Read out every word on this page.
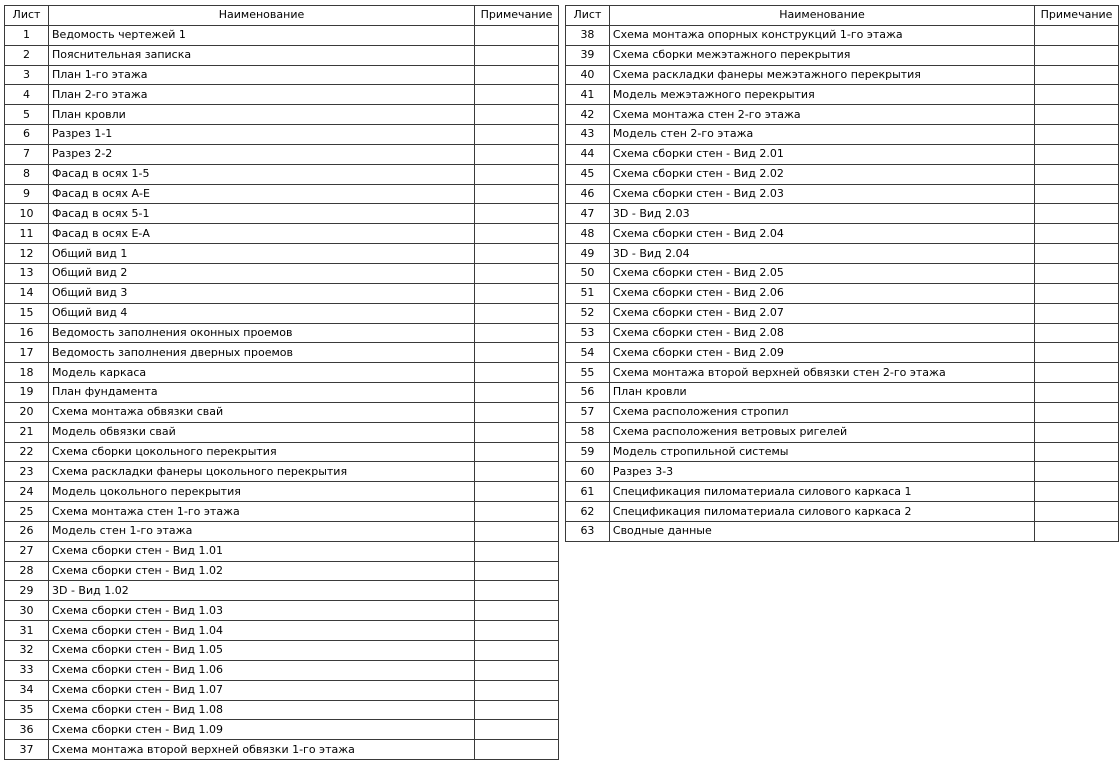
Лист	Наименование	Примечание
1	Ведомость чертежей 1	
2	Пояснительная записка	
3	План 1-го этажа	
4	План 2-го этажа	
5	План кровли	
6	Разрез 1-1	
7	Разрез 2-2	
8	Фасад в осях 1-5	
9	Фасад в осях А-Е	
10	Фасад в осях 5-1	
11	Фасад в осях Е-А	
12	Общий вид 1	
13	Общий вид 2	
14	Общий вид 3	
15	Общий вид 4	
16	Ведомость заполнения оконных проемов	
17	Ведомость заполнения дверных проемов	
18	Модель каркаса	
19	План фундамента	
20	Схема монтажа обвязки свай	
21	Модель обвязки свай	
22	Схема сборки цокольного перекрытия	
23	Схема раскладки фанеры цокольного перекрытия	
24	Модель цокольного перекрытия	
25	Схема монтажа стен 1-го этажа	
26	Модель стен 1-го этажа	
27	Схема сборки стен - Вид 1.01	
28	Схема сборки стен - Вид 1.02	
29	3D - Вид 1.02	
30	Схема сборки стен - Вид 1.03	
31	Схема сборки стен - Вид 1.04	
32	Схема сборки стен - Вид 1.05	
33	Схема сборки стен - Вид 1.06	
34	Схема сборки стен - Вид 1.07	
35	Схема сборки стен - Вид 1.08	
36	Схема сборки стен - Вид 1.09	
37	Схема монтажа второй верхней обвязки 1-го этажа	
Лист	Наименование	Примечание
38	Схема монтажа опорных конструкций 1-го этажа	
39	Схема сборки межэтажного перекрытия	
40	Схема раскладки фанеры межэтажного перекрытия	
41	Модель межэтажного перекрытия	
42	Схема монтажа стен 2-го этажа	
43	Модель стен 2-го этажа	
44	Схема сборки стен - Вид 2.01	
45	Схема сборки стен - Вид 2.02	
46	Схема сборки стен - Вид 2.03	
47	3D - Вид 2.03	
48	Схема сборки стен - Вид 2.04	
49	3D - Вид 2.04	
50	Схема сборки стен - Вид 2.05	
51	Схема сборки стен - Вид 2.06	
52	Схема сборки стен - Вид 2.07	
53	Схема сборки стен - Вид 2.08	
54	Схема сборки стен - Вид 2.09	
55	Схема монтажа второй верхней обвязки стен 2-го этажа	
56	План кровли	
57	Схема расположения стропил	
58	Схема расположения ветровых ригелей	
59	Модель стропильной системы	
60	Разрез 3-3	
61	Спецификация пиломатериала силового каркаса 1	
62	Спецификация пиломатериала силового каркаса 2	
63	Сводные данные	
